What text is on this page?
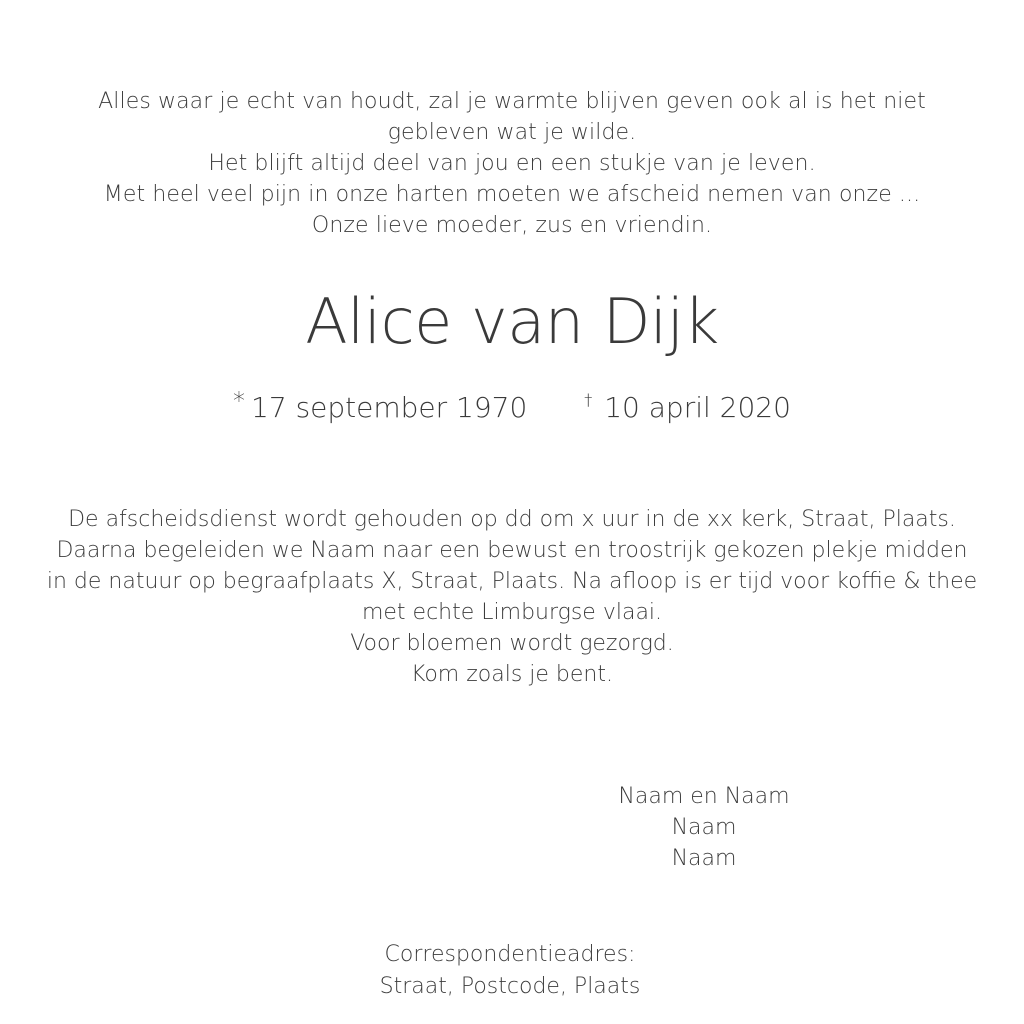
Alles waar je echt van houdt, zal je warmte blijven geven ook al is het niet
gebleven wat je wilde.
Het blijft altijd deel van jou en een stukje van je leven.
Met heel veel pijn in onze harten moeten we afscheid nemen van onze ...
Onze lieve moeder, zus en vriendin.
Alice van Dijk
* 17 september 1970	† 10 april 2020
De afscheidsdienst wordt gehouden op dd om x uur in de xx kerk, Straat, Plaats.
Daarna begeleiden we Naam naar een bewust en troostrijk gekozen plekje midden
in de natuur op begraafplaats X, Straat, Plaats. Na afloop is er tijd voor koffie & thee
met echte Limburgse vlaai.
Voor bloemen wordt gezorgd.
Kom zoals je bent.
Naam en Naam
Naam
Naam
Correspondentieadres:
Straat, Postcode, Plaats
